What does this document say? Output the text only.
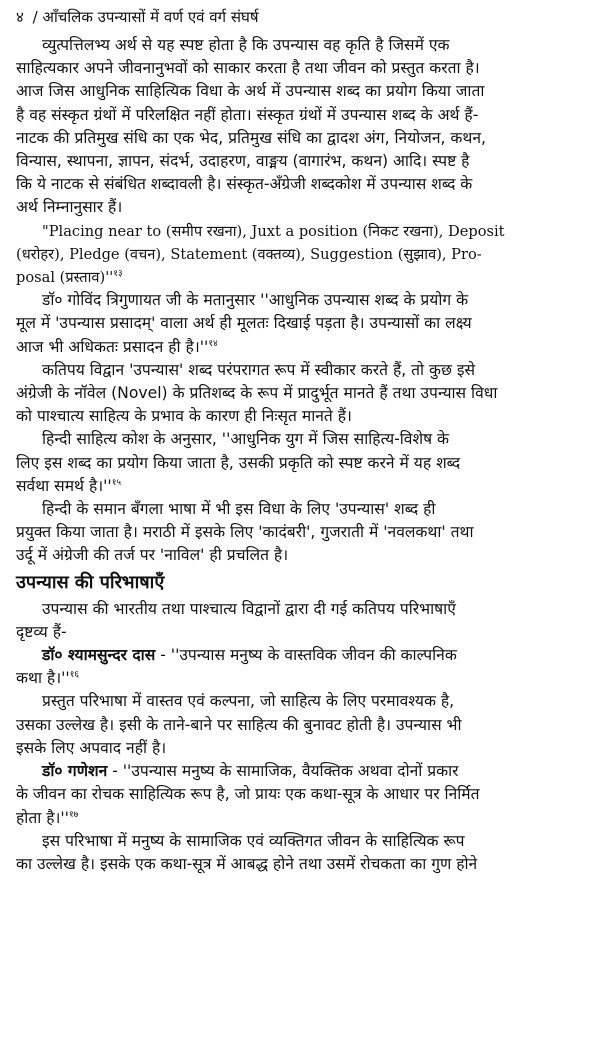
४ / आँचलिक उपन्यासों में वर्ण एवं वर्ग संघर्ष
व्युत्पत्तिलभ्य अर्थ से यह स्पष्ट होता है कि उपन्यास वह कृति है जिसमें एक
साहित्यकार अपने जीवनानुभवों को साकार करता है तथा जीवन को प्रस्तुत करता है।
आज जिस आधुनिक साहित्यिक विधा के अर्थ में उपन्यास शब्द का प्रयोग किया जाता
है वह संस्कृत ग्रंथों में परिलक्षित नहीं होता। संस्कृत ग्रंथों में उपन्यास शब्द के अर्थ हैं-
नाटक की प्रतिमुख संधि का एक भेद, प्रतिमुख संधि का द्वादश अंग, नियोजन, कथन,
विन्यास, स्थापना, ज्ञापन, संदर्भ, उदाहरण, वाङ्मय (वागारंभ, कथन) आदि। स्पष्ट है
कि ये नाटक से संबंधित शब्दावली है। संस्कृत-अँग्रेजी शब्दकोश में उपन्यास शब्द के
अर्थ निम्नानुसार हैं।
"Placing near to (समीप रखना), Juxt a position (निकट रखना), Deposit
(धरोहर), Pledge (वचन), Statement (वक्तव्य), Suggestion (सुझाव), Pro-
posal $(प्रस्ताव)''^{१३}$
डॉ० गोविंद त्रिगुणायत जी के मतानुसार ''आधुनिक उपन्यास शब्द के प्रयोग के
मूल में 'उपन्यास प्रसादम्' वाला अर्थ ही मूलतः दिखाई पड़ता है। उपन्यासों का लक्ष्य
आज भी अधिकतः प्रसादन ही $है।''^{१४}$
कतिपय विद्वान 'उपन्यास' शब्द परंपरागत रूप में स्वीकार करते हैं, तो कुछ इसे
अंग्रेजी के नॉवेल (Novel) के प्रतिशब्द के रूप में प्रादुर्भूत मानते हैं तथा उपन्यास विधा
को पाश्चात्य साहित्य के प्रभाव के कारण ही निःसृत मानते हैं।
हिन्दी साहित्य कोश के अनुसार, ''आधुनिक युग में जिस साहित्य-विशेष के
लिए इस शब्द का प्रयोग किया जाता है, उसकी प्रकृति को स्पष्ट करने में यह शब्द
सर्वथा समर्थ $है।''^{१५}$
हिन्दी के समान बँगला भाषा में भी इस विधा के लिए 'उपन्यास' शब्द ही
प्रयुक्त किया जाता है। मराठी में इसके लिए 'कादंबरी', गुजराती में 'नवलकथा' तथा
उर्दू में अंग्रेजी की तर्ज पर 'नाविल' ही प्रचलित है।
उपन्यास की परिभाषाएँ
उपन्यास की भारतीय तथा पाश्चात्य विद्वानों द्वारा दी गई कतिपय परिभाषाएँ
दृष्टव्य हैं-
डॉ० श्यामसुन्दर दास - ''उपन्यास मनुष्य के वास्तविक जीवन की काल्पनिक
कथा $है।''^{१६}$
प्रस्तुत परिभाषा में वास्तव एवं कल्पना, जो साहित्य के लिए परमावश्यक है,
उसका उल्लेख है। इसी के ताने-बाने पर साहित्य की बुनावट होती है। उपन्यास भी
इसके लिए अपवाद नहीं है।
डॉ० गणेशन - ''उपन्यास मनुष्य के सामाजिक, वैयक्तिक अथवा दोनों प्रकार
के जीवन का रोचक साहित्यिक रूप है, जो प्रायः एक कथा-सूत्र के आधार पर निर्मित
होता $है।''^{१७}$
इस परिभाषा में मनुष्य के सामाजिक एवं व्यक्तिगत जीवन के साहित्यिक रूप
का उल्लेख है। इसके एक कथा-सूत्र में आबद्ध होने तथा उसमें रोचकता का गुण होने
